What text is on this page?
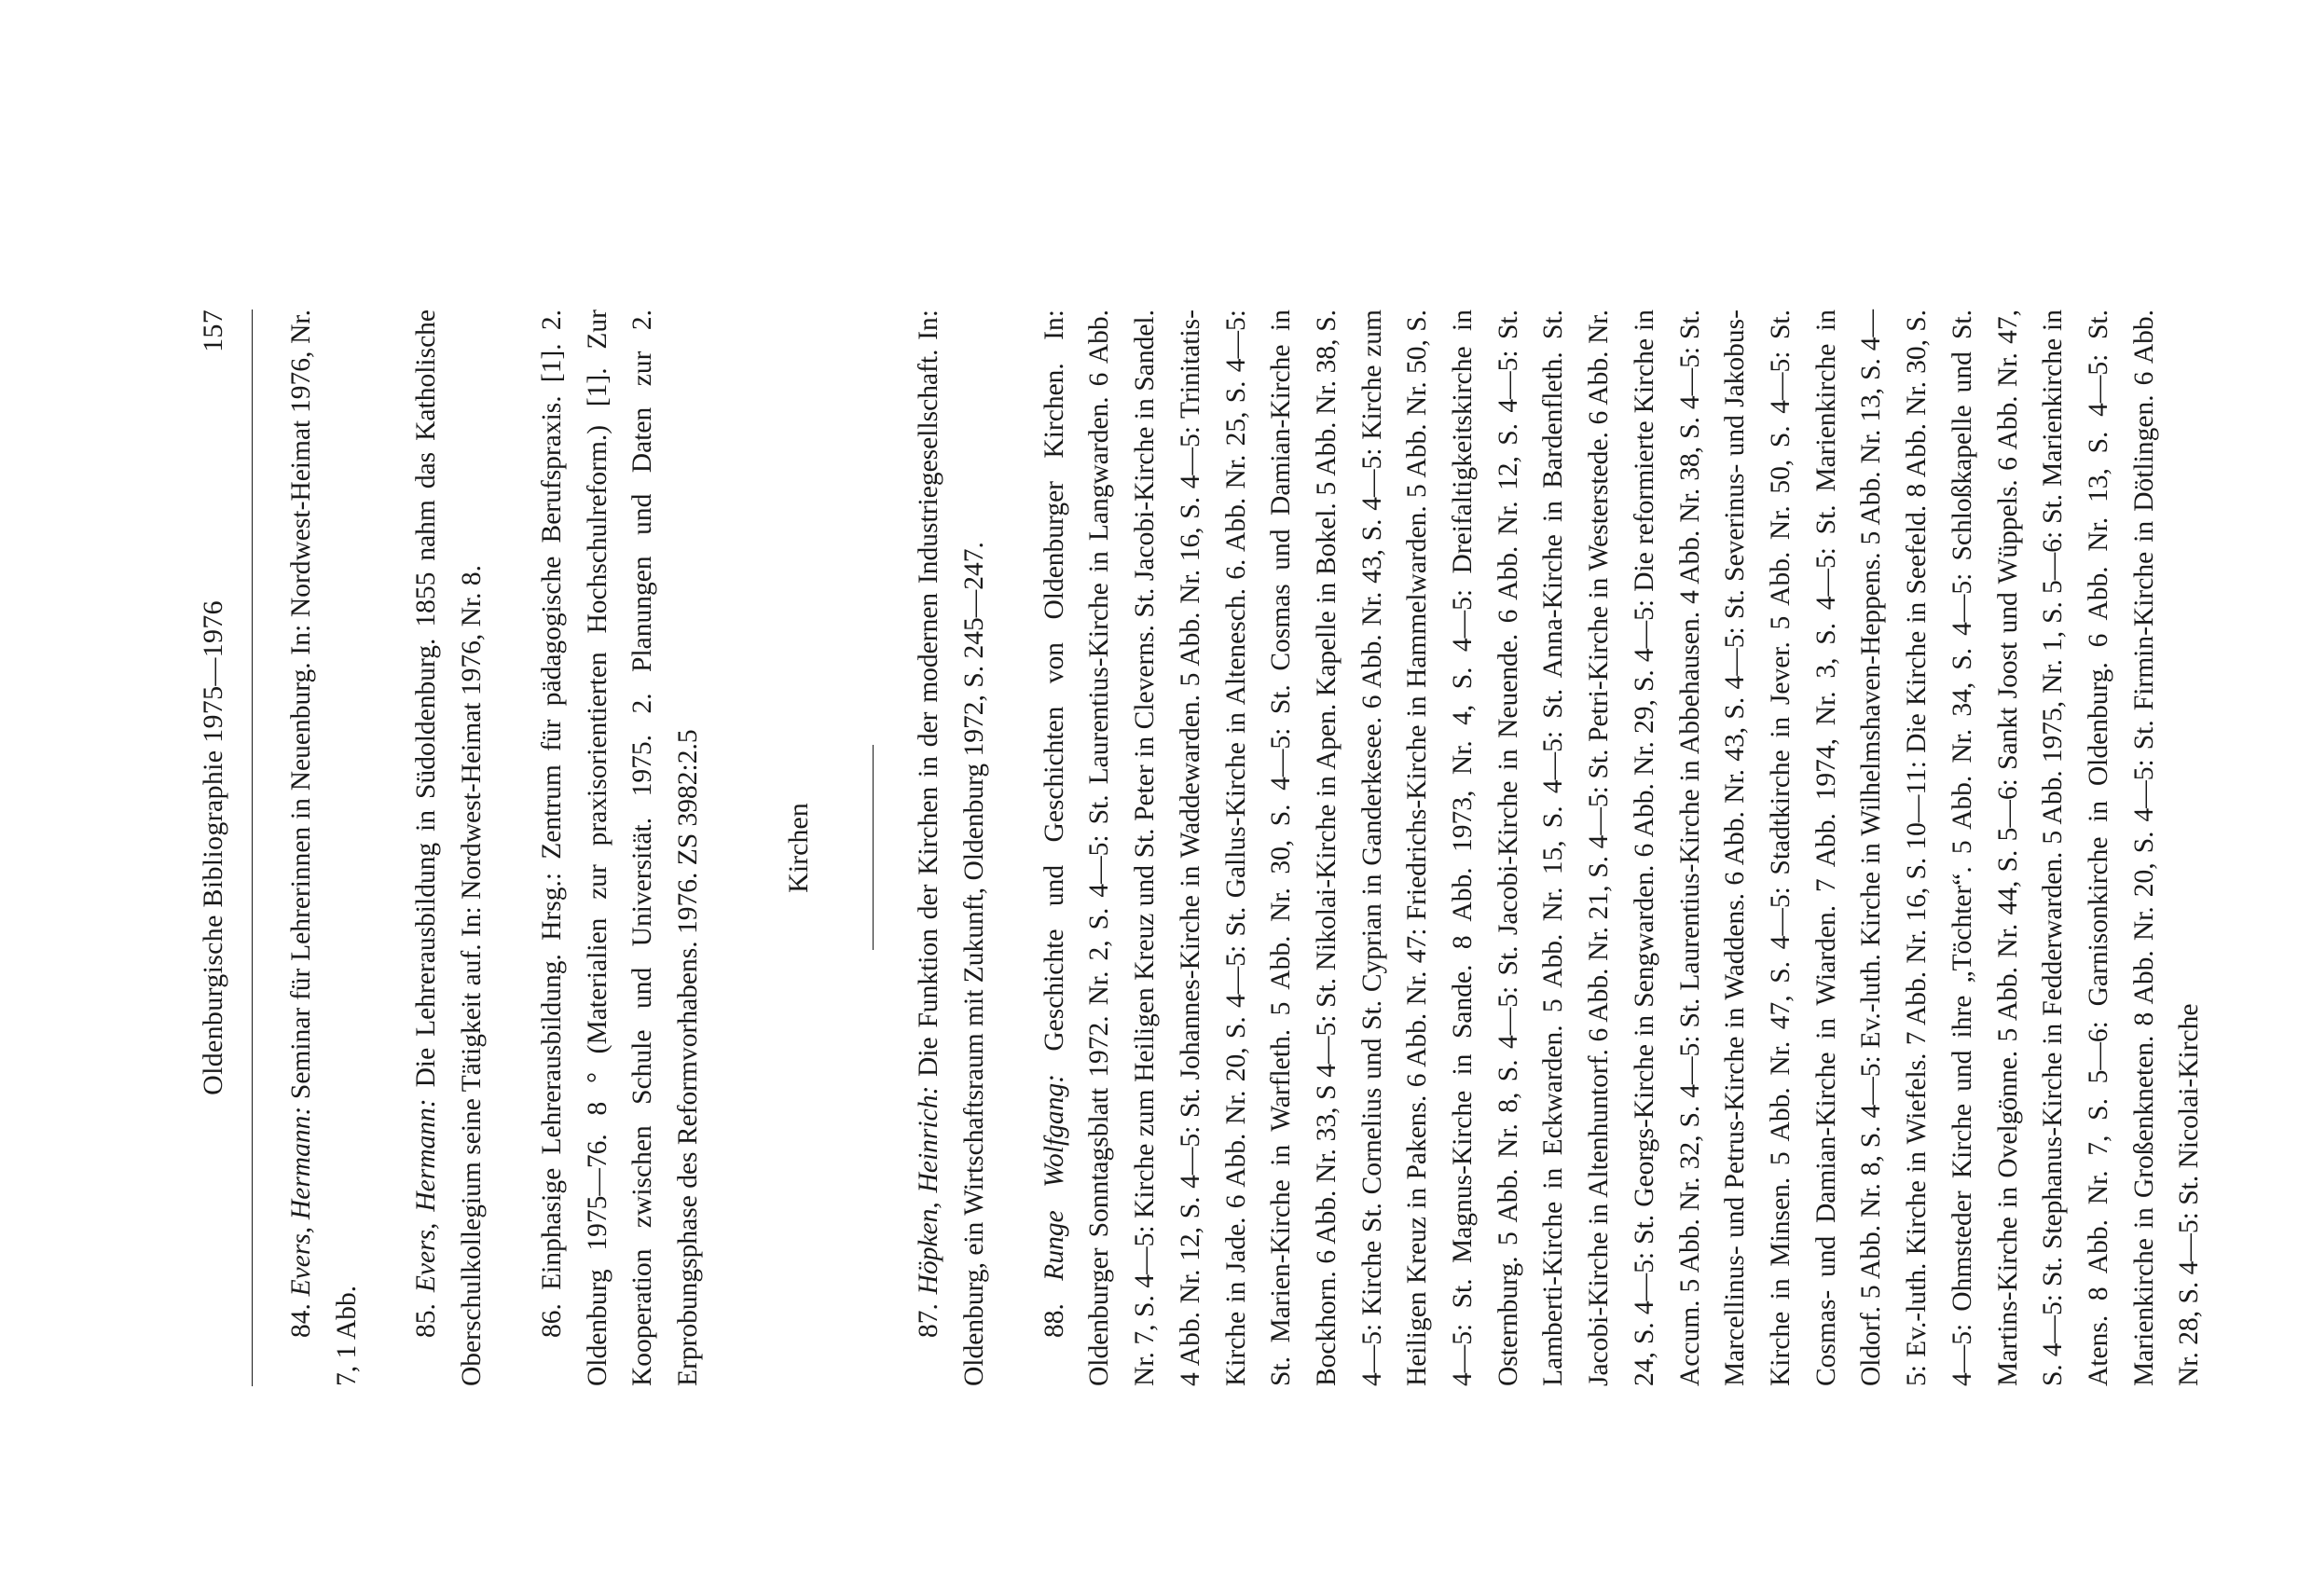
Oldenburgische Bibliographie 1975—1976
157

84. Evers, Hermann: Seminar für Lehrerinnen in Neuenburg. In: Nordwest-Heimat 1976, Nr. 7, 1 Abb. 85. Evers, Hermann: Die Lehrerausbildung in Südoldenburg. 1855 nahm das Katholische Oberschulkollegium seine Tätigkeit auf. In: Nordwest-Heimat 1976, Nr. 8. 86. Einphasige Lehrerausbildung. Hrsg.: Zentrum für pädagogische Berufspraxis. [1]. 2. Oldenburg 1975—76. 8 ° (Materialien zur praxisorientierten Hochschulreform.) [1]. Zur Kooperation zwischen Schule und Universität. 1975. 2. Planungen und Daten zur 2. Erprobungsphase des Reformvorhabens. 1976. ZS 3982:2.5	Kirchen

87. Höpken, Heinrich: Die Funktion der Kirchen in der modernen Industriegesellschaft. In: Oldenburg, ein Wirtschaftsraum mit Zukunft, Oldenburg 1972, S. 245—247. 88. Runge Wolfgang: Geschichte und Geschichten von Oldenburger Kirchen. In: Oldenburger Sonntagsblatt 1972. Nr. 2, S. 4—5: St. Laurentius-Kirche in Langwarden. 6 Abb. Nr. 7, S. 4—5: Kirche zum Heiligen Kreuz und St. Peter in Cleverns. St. Jacobi-Kirche in Sandel. 4 Abb. Nr. 12, S. 4—5: St. Johannes-Kirche in Waddewarden. 5 Abb. Nr. 16, S. 4—5: Trinitatis-Kirche in Jade. 6 Abb. Nr. 20, S. 4—5: St. Gallus-Kirche in Altenesch. 6. Abb. Nr. 25, S. 4—5: St. Marien-Kirche in Warfleth. 5 Abb. Nr. 30, S. 4—5: St. Cosmas und Damian-Kirche in Bockhorn. 6 Abb. Nr. 33, S 4—5: St. Nikolai-Kirche in Apen. Kapelle in Bokel. 5 Abb. Nr. 38, S. 4—5: Kirche St. Cornelius und St. Cyprian in Ganderkesee. 6 Abb. Nr. 43, S. 4—5: Kirche zum Heiligen Kreuz in Pakens. 6 Abb. Nr. 47: Friedrichs-Kirche in Hammelwarden. 5 Abb. Nr. 50, S. 4—5: St. Magnus-Kirche in Sande. 8 Abb. 1973, Nr. 4, S. 4—5: Dreifaltigkeitskirche in Osternburg. 5 Abb. Nr. 8, S. 4—5: St. Jacobi-Kirche in Neuende. 6 Abb. Nr. 12, S. 4—5: St. Lamberti-Kirche in Eckwarden. 5 Abb. Nr. 15, S. 4—5: St. Anna-Kirche in Bardenfleth. St. Jacobi-Kirche in Altenhuntorf. 6 Abb. Nr. 21, S. 4—5: St. Petri-Kirche in Westerstede. 6 Abb. Nr. 24, S. 4—5: St. Georgs-Kirche in Sengwarden. 6 Abb. Nr. 29, S. 4—5: Die reformierte Kirche in Accum. 5 Abb. Nr. 32, S. 4—5: St. Laurentius-Kirche in Abbehausen. 4 Abb. Nr. 38, S. 4—5: St. Marcellinus- und Petrus-Kirche in Waddens. 6 Abb. Nr. 43, S. 4—5: St. Severinus- und Jakobus-Kirche in Minsen. 5 Abb. Nr. 47, S. 4—5: Stadtkirche in Jever. 5 Abb. Nr. 50, S. 4—5: St. Cosmas- und Damian-Kirche in Wiarden. 7 Abb. 1974, Nr. 3, S. 4—5: St. Marienkirche in Oldorf. 5 Abb. Nr. 8, S. 4—5: Ev.-luth. Kirche in Wilhelmshaven-Heppens. 5 Abb. Nr. 13, S. 4—5: Ev.-luth. Kirche in Wiefels. 7 Abb. Nr. 16, S. 10—11: Die Kirche in Seefeld. 8 Abb. Nr. 30, S. 4—5: Ohmsteder Kirche und ihre „Töchter“. 5 Abb. Nr. 34, S. 4—5: Schloßkapelle und St. Martins-Kirche in Ovelgönne. 5 Abb. Nr. 44, S. 5—6: Sankt Joost und Wüppels. 6 Abb. Nr. 47, S. 4—5: St. Stephanus-Kirche in Fedderwarden. 5 Abb. 1975, Nr. 1, S. 5—6: St. Marienkirche in Atens. 8 Abb. Nr. 7, S. 5—6: Garnisonkirche in Oldenburg. 6 Abb. Nr. 13, S. 4—5: St. Marienkirche in Großenkneten. 8 Abb. Nr. 20, S. 4—5: St. Firmin-Kirche in Dötlingen. 6 Abb. Nr. 28, S. 4—5: St. Nicolai-Kirche
